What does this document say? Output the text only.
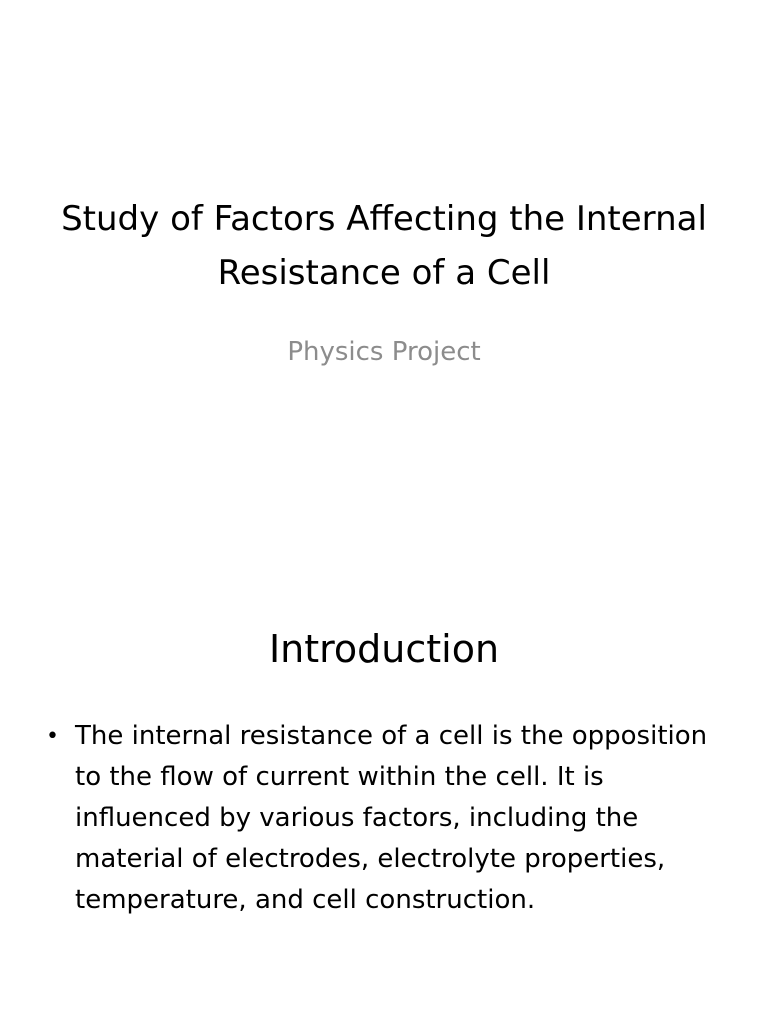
Study of Factors Affecting the Internal Resistance of a Cell

Physics Project

Introduction
• The internal resistance of a cell is the opposition to the flow of current within the cell. It is influenced by various factors, including the material of electrodes, electrolyte properties, temperature, and cell construction.
